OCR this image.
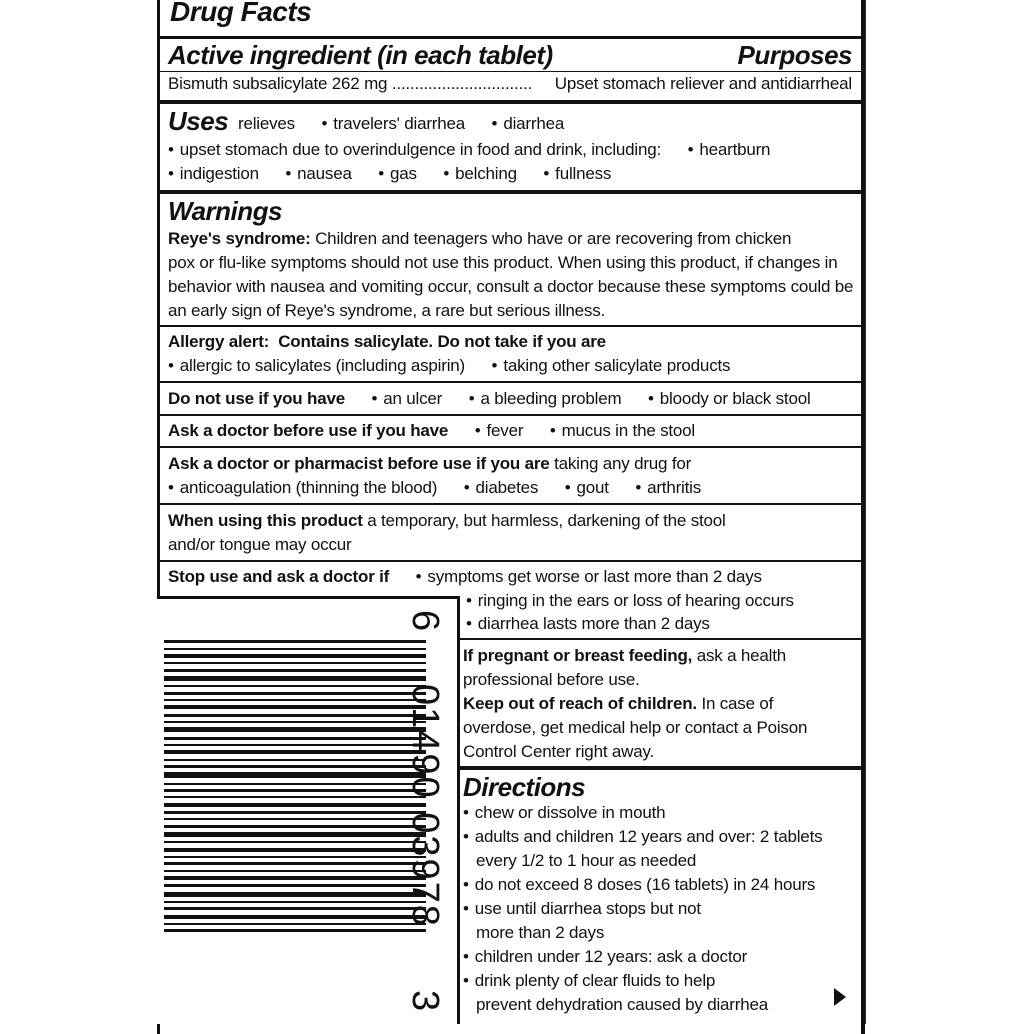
Drug Facts
Active ingredient (in each tablet)	Purposes
Bismuth subsalicylate 262 mg ............................... Upset stomach reliever and antidiarrheal
Uses relieves • travelers' diarrhea • diarrhea
• upset stomach due to overindulgence in food and drink, including: • heartburn
• indigestion • nausea • gas • belching • fullness
Warnings
Reye's syndrome: Children and teenagers who have or are recovering from chicken
pox or flu-like symptoms should not use this product. When using this product, if changes in
behavior with nausea and vomiting occur, consult a doctor because these symptoms could be
an early sign of Reye's syndrome, a rare but serious illness.
Allergy alert: Contains salicylate. Do not take if you are
• allergic to salicylates (including aspirin) • taking other salicylate products
Do not use if you have • an ulcer • a bleeding problem • bloody or black stool
Ask a doctor before use if you have • fever • mucus in the stool
Ask a doctor or pharmacist before use if you are taking any drug for
• anticoagulation (thinning the blood) • diabetes • gout • arthritis
When using this product a temporary, but harmless, darkening of the stool
and/or tongue may occur
Stop use and ask a doctor if • symptoms get worse or last more than 2 days
• ringing in the ears or loss of hearing occurs
• diarrhea lasts more than 2 days
If pregnant or breast feeding, ask a health
professional before use.
Keep out of reach of children. In case of
overdose, get medical help or contact a Poison
Control Center right away.
Directions
• chew or dissolve in mouth
• adults and children 12 years and over: 2 tablets
every 1/2 to 1 hour as needed
• do not exceed 8 doses (16 tablets) in 24 hours
• use until diarrhea stops but not
more than 2 days
• children under 12 years: ask a doctor
• drink plenty of clear fluids to help
prevent dehydration caused by diarrhea
6
01490 03978
3
